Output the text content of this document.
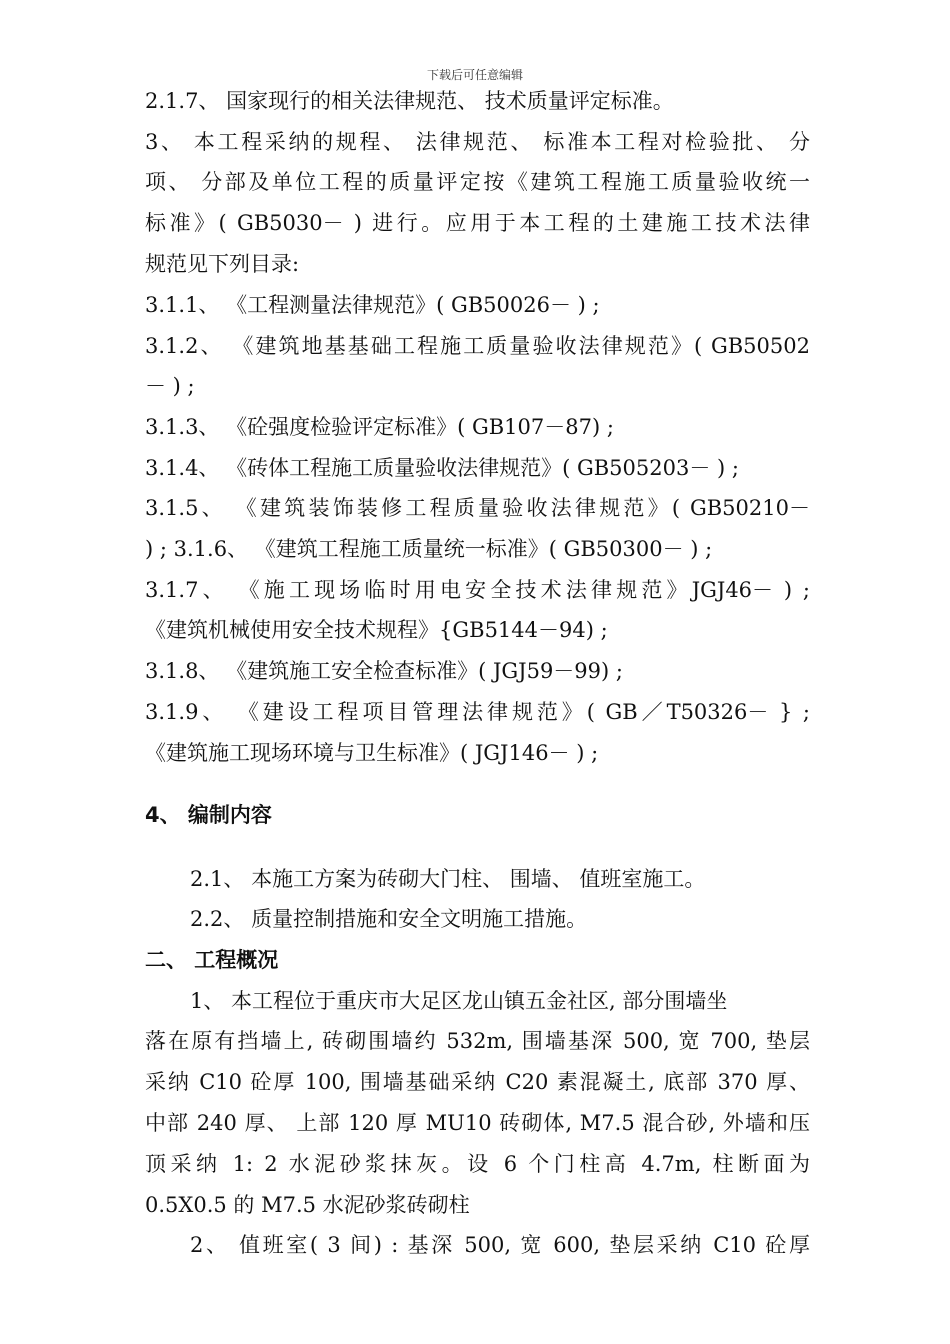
下载后可任意编辑
2.1.7、 国家现行的相关法律规范、 技术质量评定标准。
3、 本工程采纳的规程、 法律规范、 标准本工程对检验批、 分
项、 分部及单位工程的质量评定按《建筑工程施工质量验收统一
标准》( GB5030－ ) 进行。应用于本工程的土建施工技术法律
规范见下列目录:
3.1.1、 《工程测量法律规范》( GB50026－ ) ;
3.1.2、 《建筑地基基础工程施工质量验收法律规范》( GB50502
－ ) ;
3.1.3、 《砼强度检验评定标准》( GB107－87) ;
3.1.4、 《砖体工程施工质量验收法律规范》( GB505203－ ) ;
3.1.5、 《建筑装饰装修工程质量验收法律规范》( GB50210－
) ; 3.1.6、 《建筑工程施工质量统一标准》( GB50300－ ) ;
3.1.7、 《施工现场临时用电安全技术法律规范》JGJ46－ ) ;
《建筑机械使用安全技术规程》{GB5144－94) ;
3.1.8、 《建筑施工安全检查标准》( JGJ59－99) ;
3.1.9、 《建设工程项目管理法律规范》( GB／T50326－ } ;
《建筑施工现场环境与卫生标准》( JGJ146－ ) ;
4、 编制内容
2.1、 本施工方案为砖砌大门柱、 围墙、 值班室施工。
2.2、 质量控制措施和安全文明施工措施。
二、 工程概况
1、 本工程位于重庆市大足区龙山镇五金社区, 部分围墙坐
落在原有挡墙上, 砖砌围墙约 532m, 围墙基深 500, 宽 700, 垫层
采纳 C10 砼厚 100, 围墙基础采纳 C20 素混凝土, 底部 370 厚、
中部 240 厚、 上部 120 厚 MU10 砖砌体, M7.5 混合砂, 外墙和压
顶采纳 1: 2 水泥砂浆抹灰。设 6 个门柱高 4.7m, 柱断面为
0.5X0.5 的 M7.5 水泥砂浆砖砌柱
2、 值班室( 3 间) : 基深 500, 宽 600, 垫层采纳 C10 砼厚
